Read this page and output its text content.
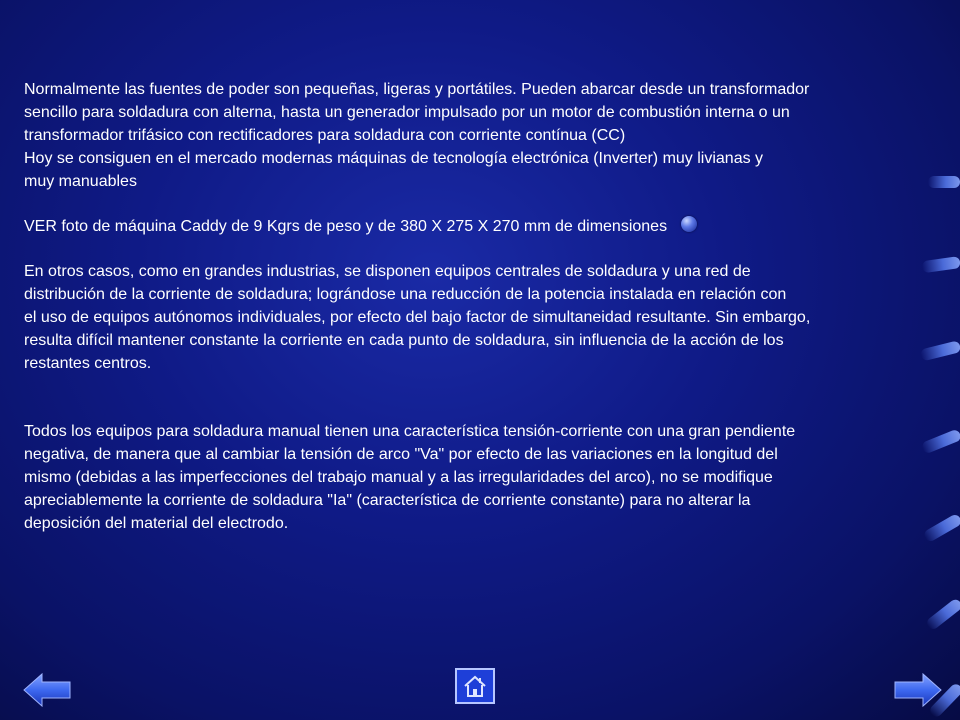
Normalmente las fuentes de poder son pequeñas, ligeras y portátiles. Pueden abarcar desde un transformador
sencillo para soldadura con alterna, hasta un generador impulsado por un motor de combustión interna o un
transformador trifásico con rectificadores para soldadura con corriente contínua (CC)
Hoy se consiguen en el mercado modernas máquinas de tecnología electrónica (Inverter) muy livianas y
muy manuables

VER foto de máquina Caddy de 9 Kgrs de peso y de 380 X 275 X 270 mm de dimensiones

En otros casos, como en grandes industrias, se disponen equipos centrales de soldadura y una red de
distribución de la corriente de soldadura; lográndose una reducción de la potencia instalada en relación con
el uso de equipos autónomos individuales, por efecto del bajo factor de simultaneidad resultante. Sin embargo,
resulta difícil mantener constante la corriente en cada punto de soldadura, sin influencia de la acción de los
restantes centros.

Todos los equipos para soldadura manual tienen una característica tensión-corriente con una gran pendiente
negativa, de manera que al cambiar la tensión de arco "Va" por efecto de las variaciones en la longitud del
mismo (debidas a las imperfecciones del trabajo manual y a las irregularidades del arco), no se modifique
apreciablemente la corriente de soldadura "Ia" (característica de corriente constante) para no alterar la
deposición del material del electrodo.
